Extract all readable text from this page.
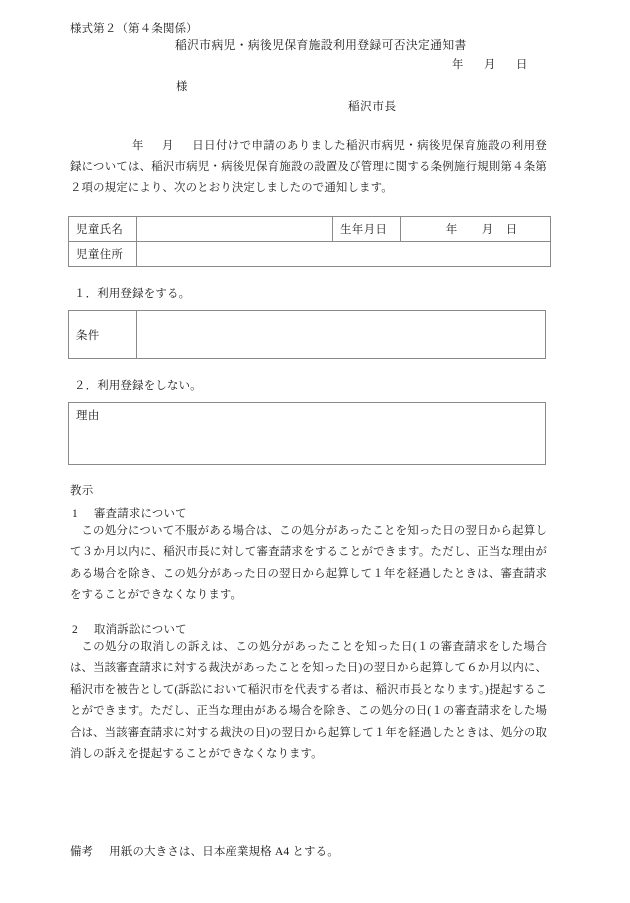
様式第２（第４条関係）
稲沢市病児・病後児保育施設利用登録可否決定通知書
年 月 日
様
稲沢市長
年 月 日日付けで申請のありました稲沢市病児・病後児保育施設の利用登録については、稲沢市病児・病後児保育施設の設置及び管理に関する条例施行規則第４条第２項の規定により、次のとおり決定しましたので通知します。
児童氏名		生年月日	年 月 日

児童住所			

１．利用登録をする。
条件

２．利用登録をしない。
理由
教示
1 審査請求について
この処分について不服がある場合は、この処分があったことを知った日の翌日から起算して３か月以内に、稲沢市長に対して審査請求をすることができます。ただし、正当な理由がある場合を除き、この処分があった日の翌日から起算して１年を経過したときは、審査請求をすることができなくなります。
2 取消訴訟について
この処分の取消しの訴えは、この処分があったことを知った日(１の審査請求をした場合は、当該審査請求に対する裁決があったことを知った日)の翌日から起算して６か月以内に、稲沢市を被告として(訴訟において稲沢市を代表する者は、稲沢市長となります。)提起することができます。ただし、正当な理由がある場合を除き、この処分の日(１の審査請求をした場合は、当該審査請求に対する裁決の日)の翌日から起算して１年を経過したときは、処分の取消しの訴えを提起することができなくなります。
備考 用紙の大きさは、日本産業規格 A4 とする。
